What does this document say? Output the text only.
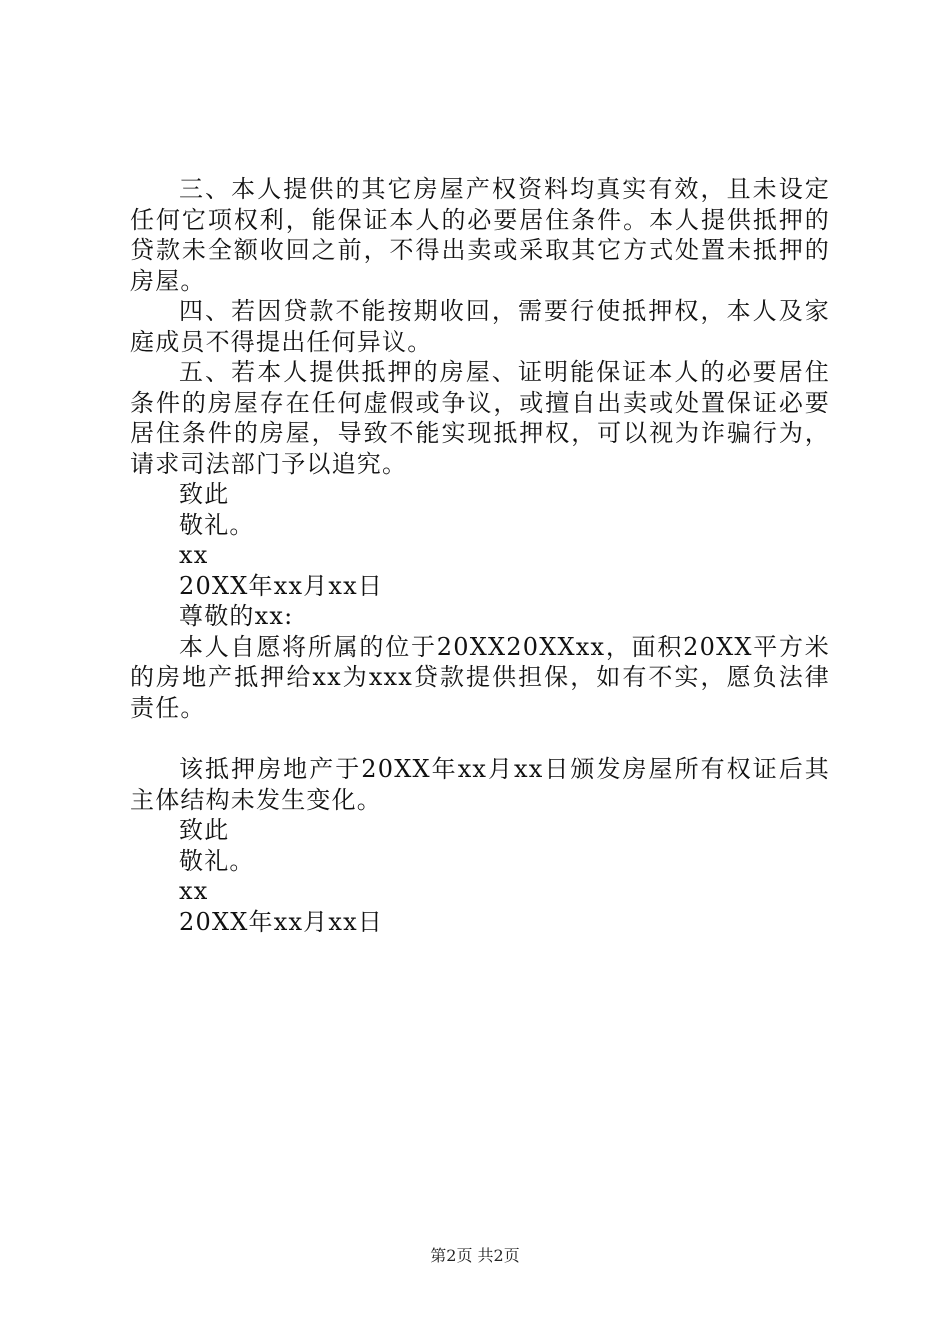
三、本人提供的其它房屋产权资料均真实有效，且未设定任何它项权利，能保证本人的必要居住条件。本人提供抵押的贷款未全额收回之前，不得出卖或采取其它方式处置未抵押的房屋。

四、若因贷款不能按期收回，需要行使抵押权，本人及家庭成员不得提出任何异议。

五、若本人提供抵押的房屋、证明能保证本人的必要居住条件的房屋存在任何虚假或争议，或擅自出卖或处置保证必要居住条件的房屋，导致不能实现抵押权，可以视为诈骗行为，请求司法部门予以追究。

致此

敬礼。

xx

20XX年xx月xx日

尊敬的xx:

本人自愿将所属的位于20XX20XXxx，面积20XX平方米的房地产抵押给xx为xxx贷款提供担保，如有不实，愿负法律责任。

该抵押房地产于20XX年xx月xx日颁发房屋所有权证后其主体结构未发生变化。

致此

敬礼。

xx

20XX年xx月xx日

第2页 共2页
